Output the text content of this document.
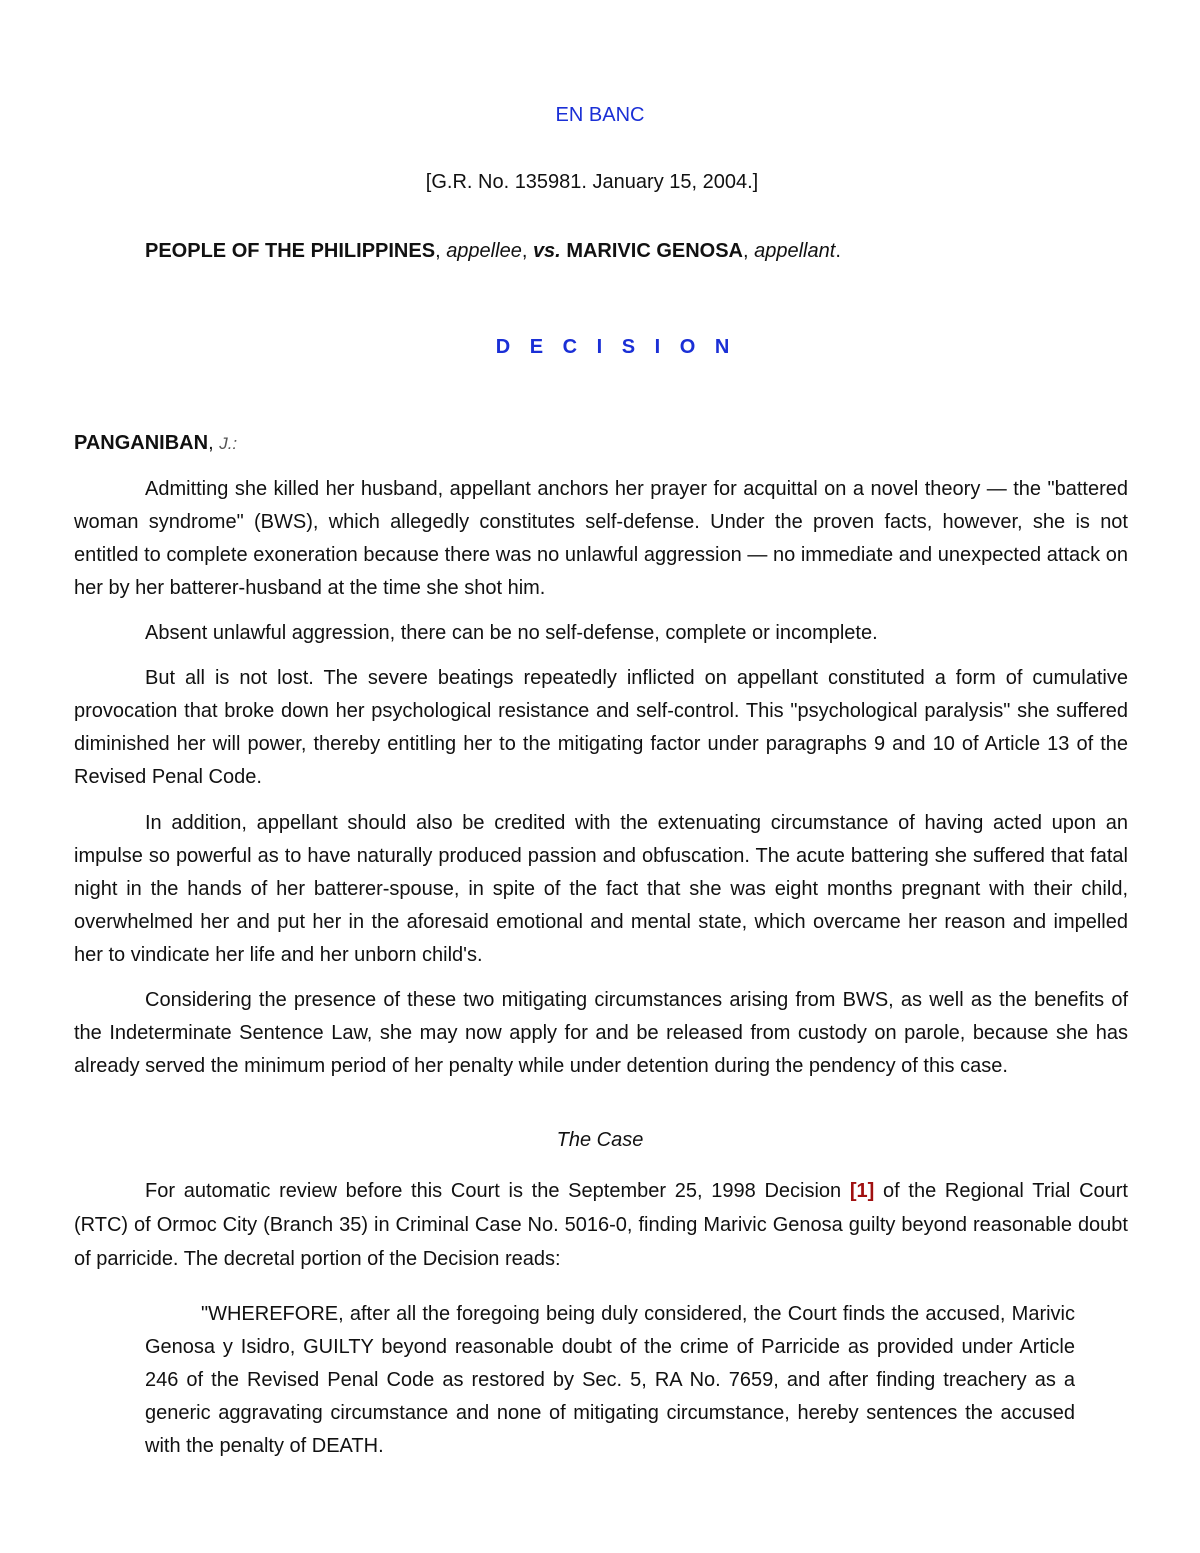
EN BANC

[G.R. No. 135981. January 15, 2004.]

PEOPLE OF THE PHILIPPINES, appellee, vs. MARIVIC GENOSA, appellant.

D E C I S I O N

PANGANIBAN, J.:

Admitting she killed her husband, appellant anchors her prayer for acquittal on a novel theory — the "battered woman syndrome" (BWS), which allegedly constitutes self-defense. Under the proven facts, however, she is not entitled to complete exoneration because there was no unlawful aggression — no immediate and unexpected attack on her by her batterer-husband at the time she shot him.

Absent unlawful aggression, there can be no self-defense, complete or incomplete.

But all is not lost. The severe beatings repeatedly inflicted on appellant constituted a form of cumulative provocation that broke down her psychological resistance and self-control. This "psychological paralysis" she suffered diminished her will power, thereby entitling her to the mitigating factor under paragraphs 9 and 10 of Article 13 of the Revised Penal Code.

In addition, appellant should also be credited with the extenuating circumstance of having acted upon an impulse so powerful as to have naturally produced passion and obfuscation. The acute battering she suffered that fatal night in the hands of her batterer-spouse, in spite of the fact that she was eight months pregnant with their child, overwhelmed her and put her in the aforesaid emotional and mental state, which overcame her reason and impelled her to vindicate her life and her unborn child's.

Considering the presence of these two mitigating circumstances arising from BWS, as well as the benefits of the Indeterminate Sentence Law, she may now apply for and be released from custody on parole, because she has already served the minimum period of her penalty while under detention during the pendency of this case.

The Case

For automatic review before this Court is the September 25, 1998 Decision [1] of the Regional Trial Court (RTC) of Ormoc City (Branch 35) in Criminal Case No. 5016-0, finding Marivic Genosa guilty beyond reasonable doubt of parricide. The decretal portion of the Decision reads:

"WHEREFORE, after all the foregoing being duly considered, the Court finds the accused, Marivic Genosa y Isidro, GUILTY beyond reasonable doubt of the crime of Parricide as provided under Article 246 of the Revised Penal Code as restored by Sec. 5, RA No. 7659, and after finding treachery as a generic aggravating circumstance and none of mitigating circumstance, hereby sentences the accused with the penalty of DEATH.
